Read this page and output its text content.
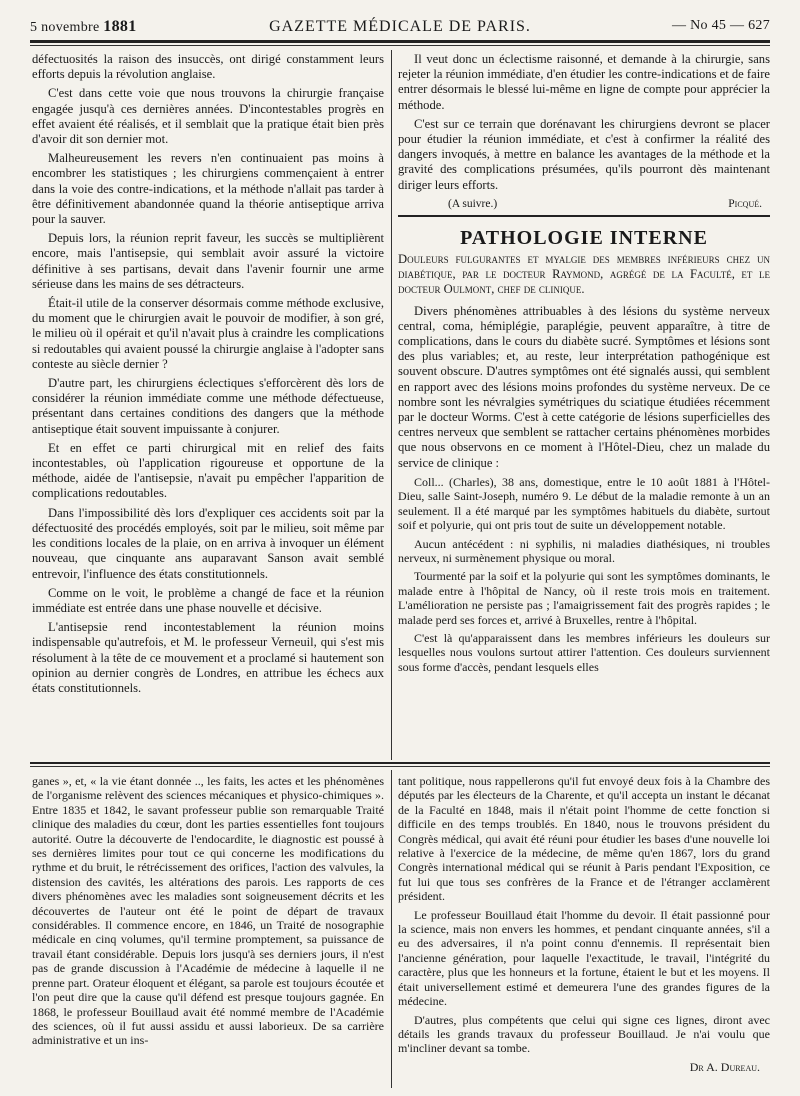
5 novembre 1881	GAZETTE MÉDICALE DE PARIS.	— No 45 — 627

défectuosités la raison des insuccès, ont dirigé constamment leurs efforts depuis la révolution anglaise.

C'est dans cette voie que nous trouvons la chirurgie française engagée jusqu'à ces dernières années. D'incontestables progrès en effet avaient été réalisés, et il semblait que la pratique était bien près d'avoir dit son dernier mot.

Malheureusement les revers n'en continuaient pas moins à encombrer les statistiques ; les chirurgiens commençaient à entrer dans la voie des contre-indications, et la méthode n'allait pas tarder à être définitivement abandonnée quand la théorie antiseptique arriva pour la sauver.

Depuis lors, la réunion reprit faveur, les succès se multiplièrent encore, mais l'antisepsie, qui semblait avoir assuré la victoire définitive à ses partisans, devait dans l'avenir fournir une arme sérieuse dans les mains de ses détracteurs.

Était-il utile de la conserver désormais comme méthode exclusive, du moment que le chirurgien avait le pouvoir de modifier, à son gré, le milieu où il opérait et qu'il n'avait plus à craindre les complications si redoutables qui avaient poussé la chirurgie anglaise à l'adopter sans conteste au siècle dernier ?

D'autre part, les chirurgiens éclectiques s'efforcèrent dès lors de considérer la réunion immédiate comme une méthode défectueuse, présentant dans certaines conditions des dangers que la méthode antiseptique était souvent impuissante à conjurer.

Et en effet ce parti chirurgical mit en relief des faits incontestables, où l'application rigoureuse et opportune de la méthode, aidée de l'antisepsie, n'avait pu empêcher l'apparition de complications redoutables.

Dans l'impossibilité dès lors d'expliquer ces accidents soit par la défectuosité des procédés employés, soit par le milieu, soit même par les conditions locales de la plaie, on en arriva à invoquer un élément nouveau, que cinquante ans auparavant Sanson avait semblé entrevoir, l'influence des états constitutionnels.

Comme on le voit, le problème a changé de face et la réunion immédiate est entrée dans une phase nouvelle et décisive.

L'antisepsie rend incontestablement la réunion moins indispensable qu'autrefois, et M. le professeur Verneuil, qui s'est mis résolument à la tête de ce mouvement et a proclamé si hautement son opinion au dernier congrès de Londres, en attribue les échecs aux états constitutionnels.

Il veut donc un éclectisme raisonné, et demande à la chirurgie, sans rejeter la réunion immédiate, d'en étudier les contre-indications et de faire entrer désormais le blessé lui-même en ligne de compte pour apprécier la méthode.

C'est sur ce terrain que dorénavant les chirurgiens devront se placer pour étudier la réunion immédiate, et c'est à confirmer la réalité des dangers invoqués, à mettre en balance les avantages de la méthode et la gravité des complications présumées, qu'ils pourront dès maintenant diriger leurs efforts.

(A suivre.)	Picqué.
PATHOLOGIE INTERNE
Douleurs fulgurantes et myalgie des membres inférieurs chez un diabétique, par le docteur Raymond, agrégé de la Faculté, et le docteur Oulmont, chef de clinique.

Divers phénomènes attribuables à des lésions du système nerveux central, coma, hémiplégie, paraplégie, peuvent apparaître, à titre de complications, dans le cours du diabète sucré. Symptômes et lésions sont des plus variables; et, au reste, leur interprétation pathogénique est souvent obscure. D'autres symptômes ont été signalés aussi, qui semblent en rapport avec des lésions moins profondes du système nerveux. De ce nombre sont les névralgies symétriques du sciatique étudiées récemment par le docteur Worms. C'est à cette catégorie de lésions superficielles des centres nerveux que semblent se rattacher certains phénomènes morbides que nous observons en ce moment à l'Hôtel-Dieu, chez un malade du service de clinique :

Coll... (Charles), 38 ans, domestique, entre le 10 août 1881 à l'Hôtel-Dieu, salle Saint-Joseph, numéro 9. Le début de la maladie remonte à un an seulement. Il a été marqué par les symptômes habituels du diabète, surtout soif et polyurie, qui ont pris tout de suite un développement notable.

Aucun antécédent : ni syphilis, ni maladies diathésiques, ni troubles nerveux, ni surmènement physique ou moral.

Tourmenté par la soif et la polyurie qui sont les symptômes dominants, le malade entre à l'hôpital de Nancy, où il reste trois mois en traitement. L'amélioration ne persiste pas ; l'amaigrissement fait des progrès rapides ; le malade perd ses forces et, arrivé à Bruxelles, rentre à l'hôpital.

C'est là qu'apparaissent dans les membres inférieurs les douleurs sur lesquelles nous voulons surtout attirer l'attention. Ces douleurs surviennent sous forme d'accès, pendant lesquels elles

ganes », et, « la vie étant donnée .., les faits, les actes et les phénomènes de l'organisme relèvent des sciences mécaniques et physico-chimiques ». Entre 1835 et 1842, le savant professeur publie son remarquable Traité clinique des maladies du cœur, dont les parties essentielles font toujours autorité. Outre la découverte de l'endocardite, le diagnostic est poussé à ses dernières limites pour tout ce qui concerne les modifications du rythme et du bruit, le rétrécissement des orifices, l'action des valvules, la distension des cavités, les altérations des parois. Les rapports de ces divers phénomènes avec les maladies sont soigneusement décrits et les découvertes de l'auteur ont été le point de départ de travaux considérables. Il commence encore, en 1846, un Traité de nosographie médicale en cinq volumes, qu'il termine promptement, sa puissance de travail étant considérable. Depuis lors jusqu'à ses derniers jours, il n'est pas de grande discussion à l'Académie de médecine à laquelle il ne prenne part. Orateur éloquent et élégant, sa parole est toujours écoutée et l'on peut dire que la cause qu'il défend est presque toujours gagnée. En 1868, le professeur Bouillaud avait été nommé membre de l'Académie des sciences, où il fut aussi assidu et aussi laborieux. De sa carrière administrative et un ins-

tant politique, nous rappellerons qu'il fut envoyé deux fois à la Chambre des députés par les électeurs de la Charente, et qu'il accepta un instant le décanat de la Faculté en 1848, mais il n'était point l'homme de cette fonction si difficile en des temps troublés. En 1840, nous le trouvons président du Congrès médical, qui avait été réuni pour étudier les bases d'une nouvelle loi relative à l'exercice de la médecine, de même qu'en 1867, lors du grand Congrès international médical qui se réunit à Paris pendant l'Exposition, ce fut lui que tous ses confrères de la France et de l'étranger acclamèrent président.

Le professeur Bouillaud était l'homme du devoir. Il était passionné pour la science, mais non envers les hommes, et pendant cinquante années, s'il a eu des adversaires, il n'a point connu d'ennemis. Il représentait bien l'ancienne génération, pour laquelle l'exactitude, le travail, l'intégrité du caractère, plus que les honneurs et la fortune, étaient le but et les moyens. Il était universellement estimé et demeurera l'une des grandes figures de la médecine.

D'autres, plus compétents que celui qui signe ces lignes, diront avec détails les grands travaux du professeur Bouillaud. Je n'ai voulu que m'incliner devant sa tombe.

Dr A. Dureau.
